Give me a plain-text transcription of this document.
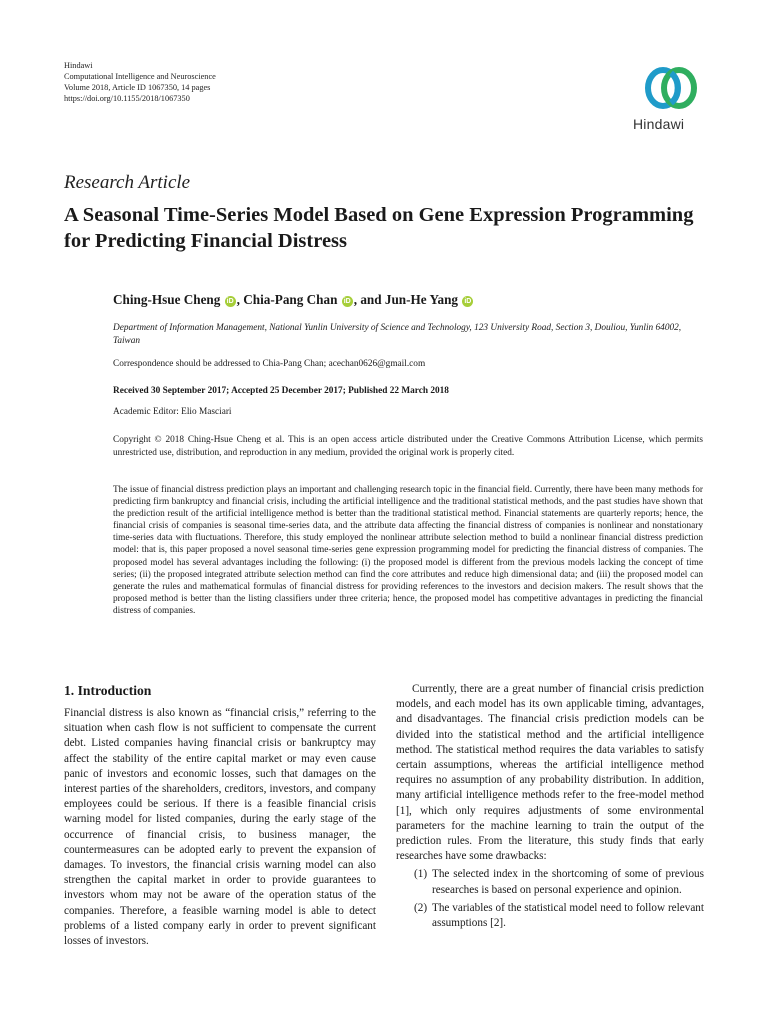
Hindawi
Computational Intelligence and Neuroscience
Volume 2018, Article ID 1067350, 14 pages
https://doi.org/10.1155/2018/1067350
Hindawi
Research Article
A Seasonal Time-Series Model Based on Gene Expression Programming for Predicting Financial Distress
Ching-Hsue Cheng iD , Chia-Pang Chan iD , and Jun-He Yang iD
Department of Information Management, National Yunlin University of Science and Technology, 123 University Road, Section 3, Douliou, Yunlin 64002, Taiwan
Correspondence should be addressed to Chia-Pang Chan; acechan0626@gmail.com
Received 30 September 2017; Accepted 25 December 2017; Published 22 March 2018
Academic Editor: Elio Masciari
Copyright © 2018 Ching-Hsue Cheng et al. This is an open access article distributed under the Creative Commons Attribution License, which permits unrestricted use, distribution, and reproduction in any medium, provided the original work is properly cited.
The issue of financial distress prediction plays an important and challenging research topic in the financial field. Currently, there have been many methods for predicting firm bankruptcy and financial crisis, including the artificial intelligence and the traditional statistical methods, and the past studies have shown that the prediction result of the artificial intelligence method is better than the traditional statistical method. Financial statements are quarterly reports; hence, the financial crisis of companies is seasonal time-series data, and the attribute data affecting the financial distress of companies is nonlinear and nonstationary time-series data with fluctuations. Therefore, this study employed the nonlinear attribute selection method to build a nonlinear financial distress prediction model: that is, this paper proposed a novel seasonal time-series gene expression programming model for predicting the financial distress of companies. The proposed model has several advantages including the following: (i) the proposed model is different from the previous models lacking the concept of time series; (ii) the proposed integrated attribute selection method can find the core attributes and reduce high dimensional data; and (iii) the proposed model can generate the rules and mathematical formulas of financial distress for providing references to the investors and decision makers. The result shows that the proposed method is better than the listing classifiers under three criteria; hence, the proposed model has competitive advantages in predicting the financial distress of companies.
1. Introduction

Financial distress is also known as “financial crisis,” referring to the situation when cash flow is not sufficient to compensate the current debt. Listed companies having financial crisis or bankruptcy may affect the stability of the entire capital market or may even cause panic of investors and economic losses, such that damages on the interest parties of the shareholders, creditors, investors, and company employees could be serious. If there is a feasible financial crisis warning model for listed companies, during the early stage of the occurrence of financial crisis, to business manager, the countermeasures can be adopted early to prevent the expansion of damages. To investors, the financial crisis warning model can also strengthen the capital market in order to provide guarantees to investors whom may not be aware of the operation status of the companies. Therefore, a feasible warning model is able to detect problems of a listed company early in order to prevent significant losses of investors.

Currently, there are a great number of financial crisis prediction models, and each model has its own applicable timing, advantages, and disadvantages. The financial crisis prediction models can be divided into the statistical method and the artificial intelligence method. The statistical method requires the data variables to satisfy certain assumptions, whereas the artificial intelligence method requires no assumption of any probability distribution. In addition, many artificial intelligence methods refer to the free-model method [1], which only requires adjustments of some environmental parameters for the machine learning to train the output of the prediction rules. From the literature, this study finds that early researches have some drawbacks:

(1) The selected index in the shortcoming of some of previous researches is based on personal experience and opinion.
(2) The variables of the statistical model need to follow relevant assumptions [2].
